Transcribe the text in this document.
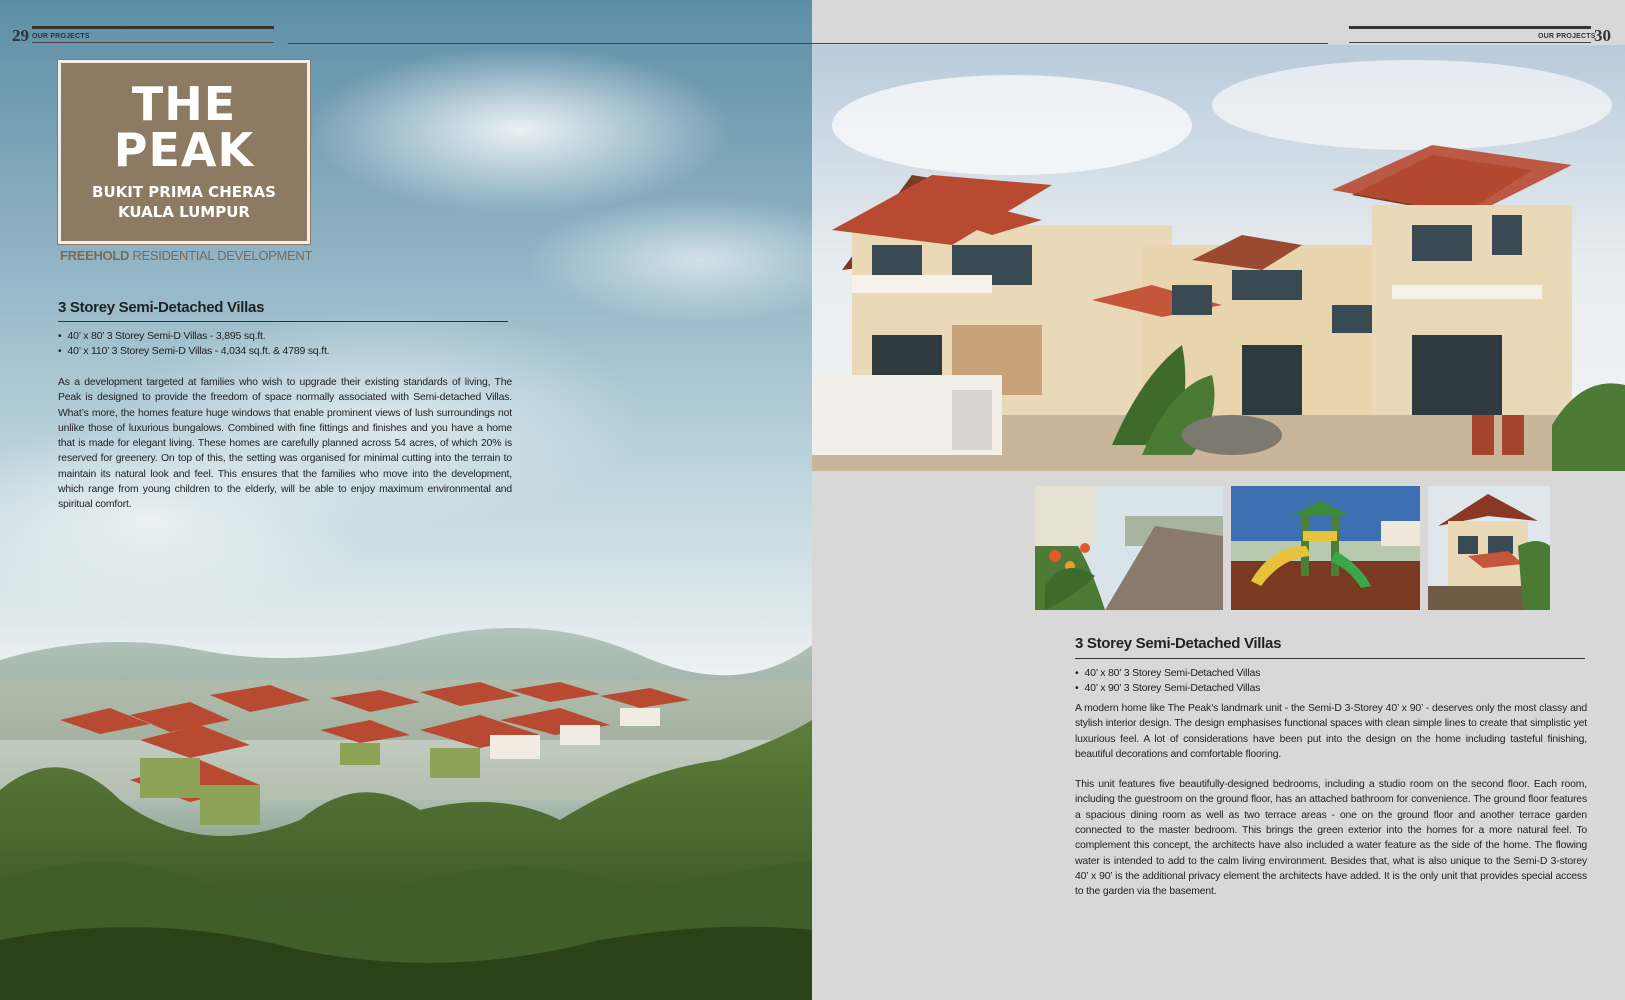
29 OUR PROJECTS
THE
PEAK
BUKIT PRIMA CHERAS
KUALA LUMPUR
FREEHOLD RESIDENTIAL DEVELOPMENT
3 Storey Semi-Detached Villas
• 40’ x 80’ 3 Storey Semi-D Villas - 3,895 sq.ft.
• 40’ x 110’ 3 Storey Semi-D Villas - 4,034 sq.ft. & 4789 sq.ft.
As a development targeted at families who wish to upgrade their existing standards of living, The Peak is designed to provide the freedom of space normally associated with Semi-detached Villas. What’s more, the homes feature huge windows that enable prominent views of lush surroundings not unlike those of luxurious bungalows. Combined with fine fittings and finishes and you have a home that is made for elegant living. These homes are carefully planned across 54 acres, of which 20% is reserved for greenery. On top of this, the setting was organised for minimal cutting into the terrain to maintain its natural look and feel. This ensures that the families who move into the development, which range from young children to the elderly, will be able to enjoy maximum environmental and spiritual comfort.
OUR PROJECTS
30
3 Storey Semi-Detached Villas
• 40’ x 80’ 3 Storey Semi-Detached Villas
• 40’ x 90’ 3 Storey Semi-Detached Villas

A modern home like The Peak’s landmark unit - the Semi-D 3-Storey 40’ x 90’ - deserves only the most classy and stylish interior design. The design emphasises functional spaces with clean simple lines to create that simplistic yet luxurious feel. A lot of considerations have been put into the design on the home including tasteful finishing, beautiful decorations and comfortable flooring.

This unit features five beautifully-designed bedrooms, including a studio room on the second floor. Each room, including the guestroom on the ground floor, has an attached bathroom for convenience. The ground floor features a spacious dining room as well as two terrace areas - one on the ground floor and another terrace garden connected to the master bedroom. This brings the green exterior into the homes for a more natural feel. To complement this concept, the architects have also included a water feature as the side of the home. The flowing water is intended to add to the calm living environment. Besides that, what is also unique to the Semi-D 3-storey 40’ x 90’ is the additional privacy element the architects have added. It is the only unit that provides special access to the garden via the basement.
